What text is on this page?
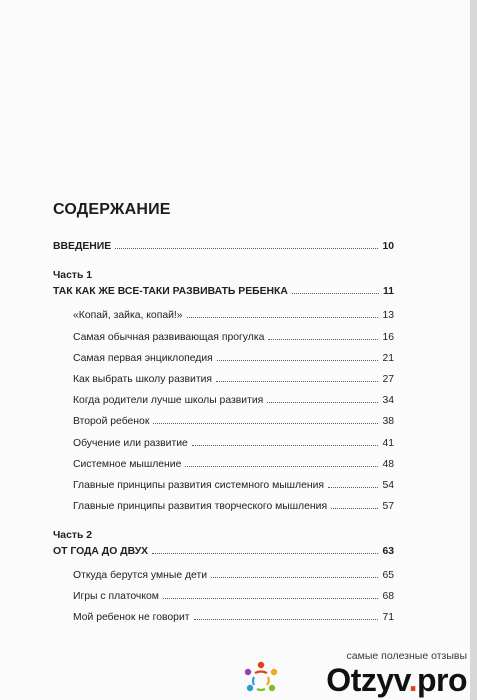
СОДЕРЖАНИЕ
ВВЕДЕНИЕ	10
Часть 1
ТАК КАК ЖЕ ВСЕ-ТАКИ РАЗВИВАТЬ РЕБЕНКА	11
«Копай, зайка, копай!»	13
Самая обычная развивающая прогулка	16
Самая первая энциклопедия	21
Как выбрать школу развития	27
Когда родители лучше школы развития	34
Второй ребенок	38
Обучение или развитие	41
Системное мышление	48
Главные принципы развития системного мышления	54
Главные принципы развития творческого мышления	57
Часть 2
ОТ ГОДА ДО ДВУХ	63
Откуда берутся умные дети	65
Игры с платочком	68
Мой ребенок не говорит	71
самые полезные отзывы
Otzyv.pro
